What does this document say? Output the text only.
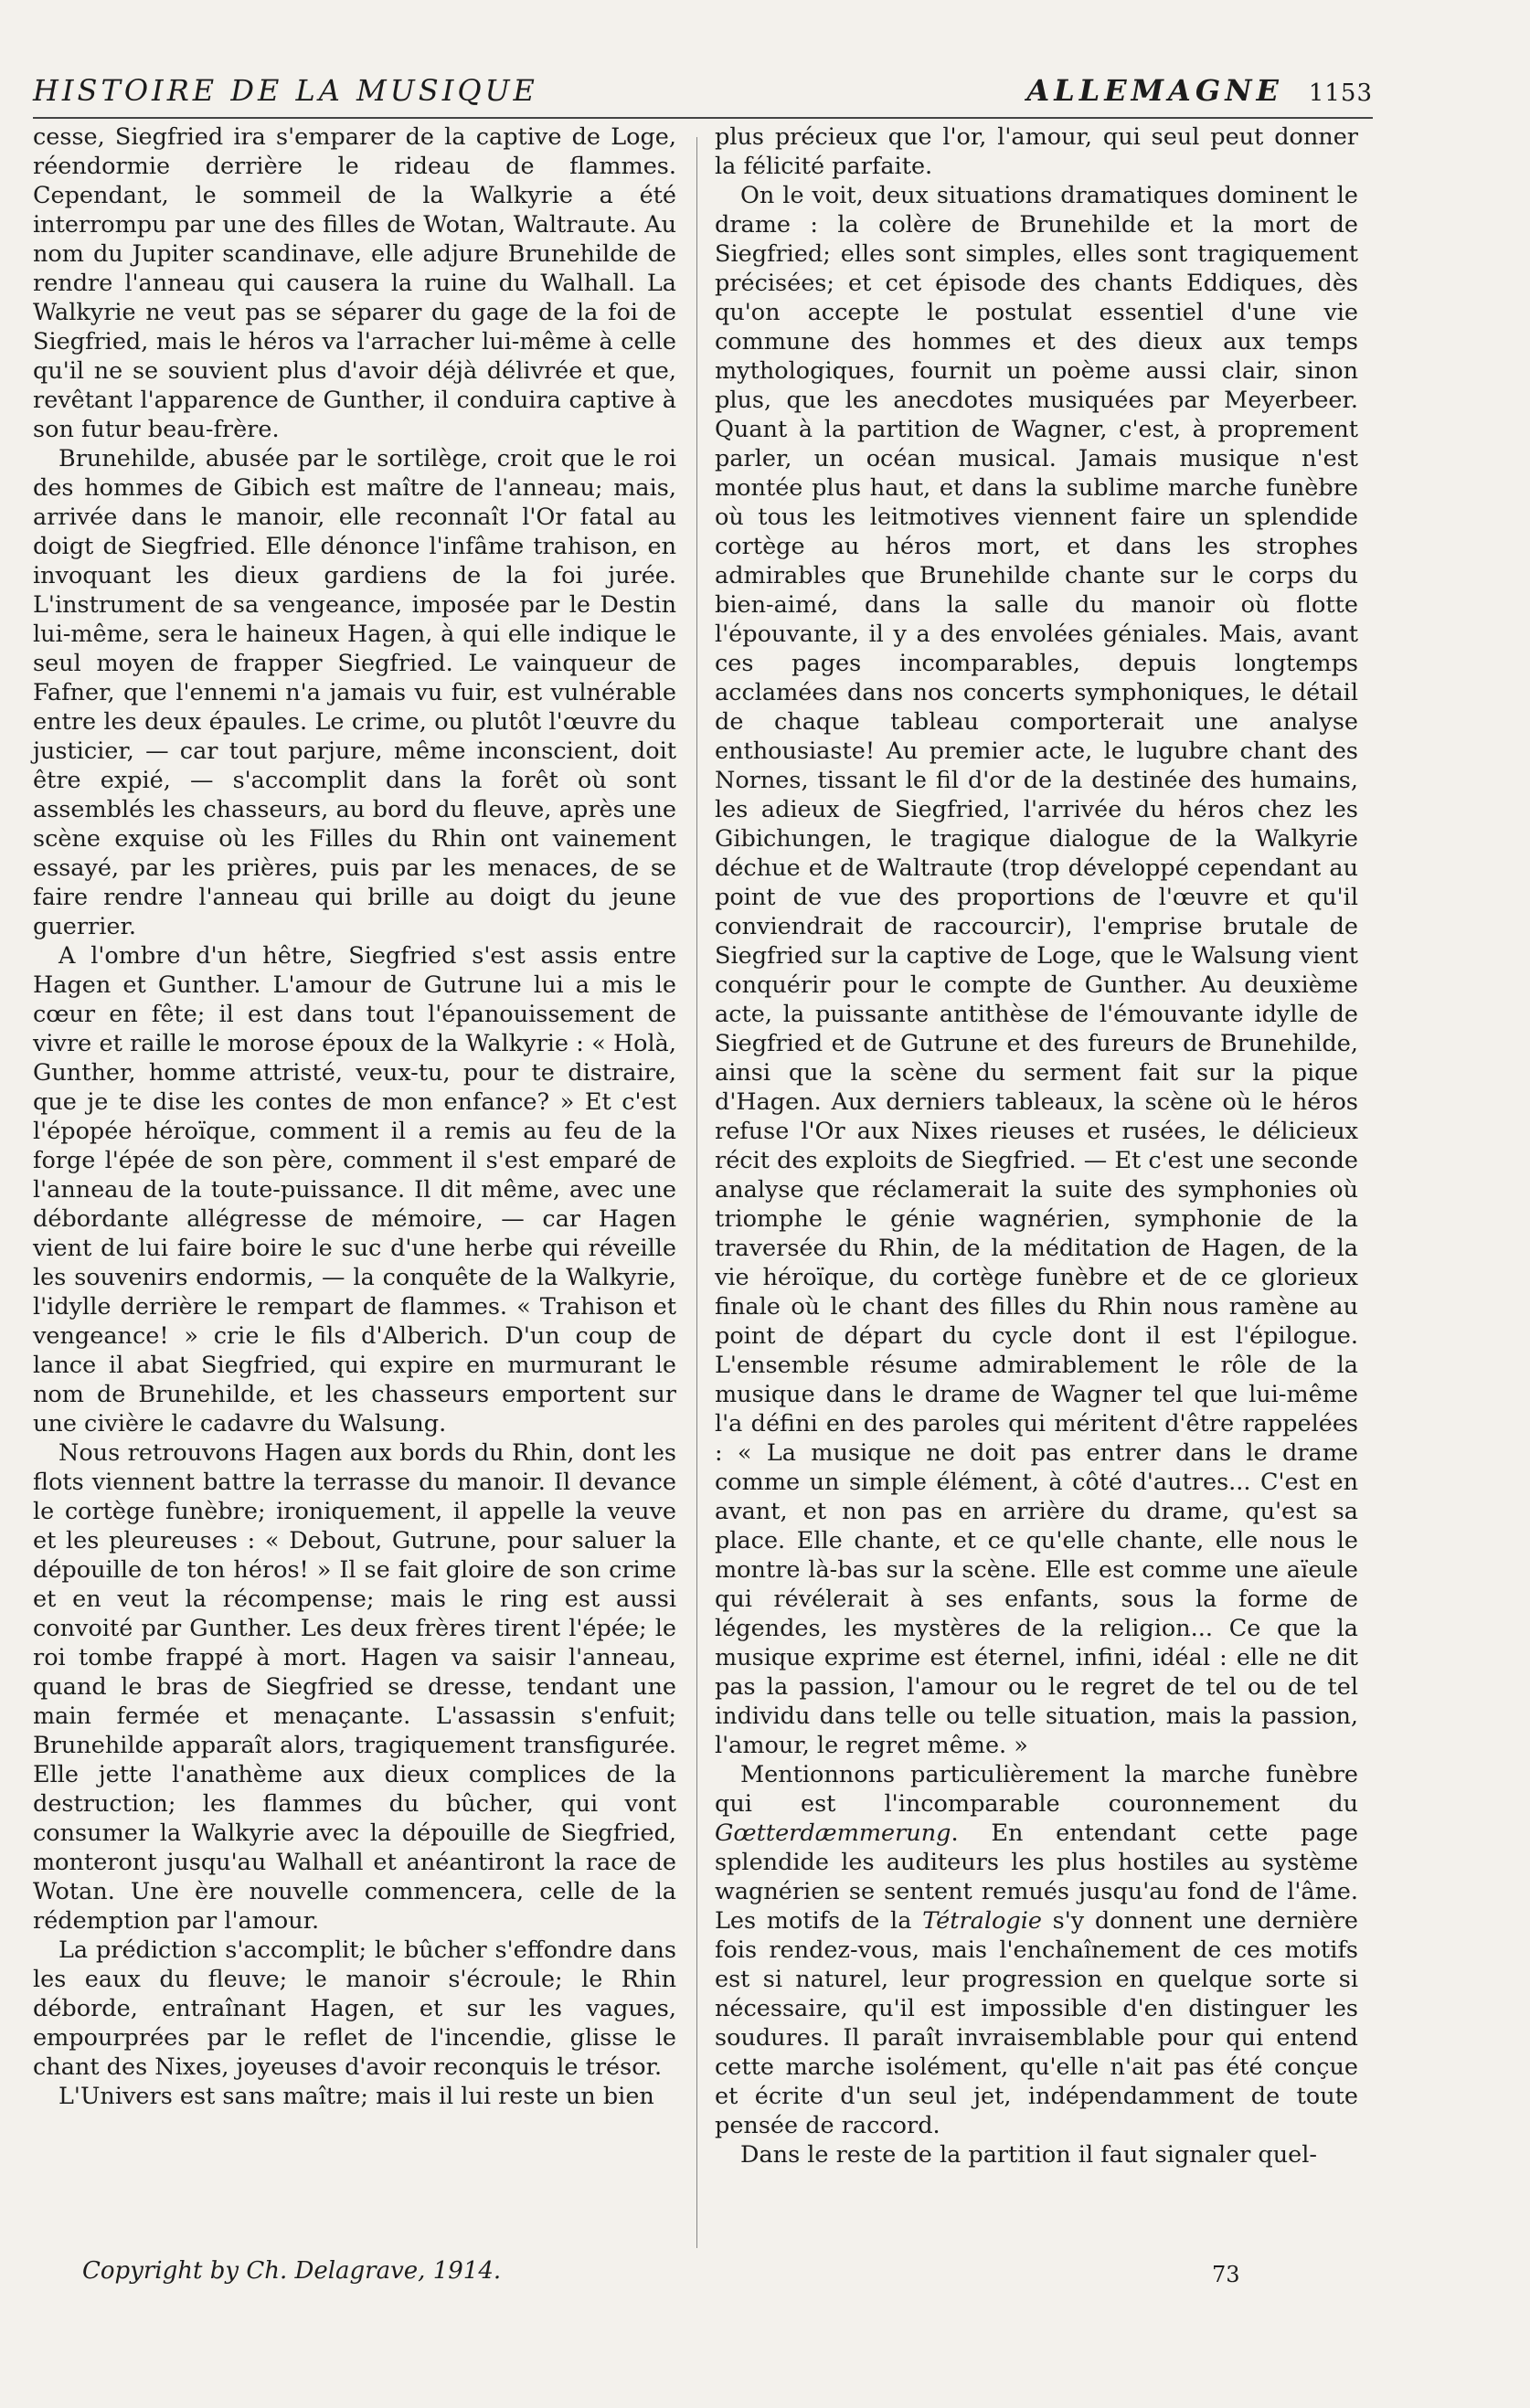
HISTOIRE DE LA MUSIQUE	ALLEMAGNE 1153

cesse, Siegfried ira s'emparer de la captive de Loge, réendormie derrière le rideau de flammes. Cependant, le sommeil de la Walkyrie a été interrompu par une des filles de Wotan, Waltraute. Au nom du Jupiter scandinave, elle adjure Brunehilde de rendre l'anneau qui causera la ruine du Walhall. La Walkyrie ne veut pas se séparer du gage de la foi de Siegfried, mais le héros va l'arracher lui-même à celle qu'il ne se souvient plus d'avoir déjà délivrée et que, revêtant l'apparence de Gunther, il conduira captive à son futur beau-frère.

Brunehilde, abusée par le sortilège, croit que le roi des hommes de Gibich est maître de l'anneau; mais, arrivée dans le manoir, elle reconnaît l'Or fatal au doigt de Siegfried. Elle dénonce l'infâme trahison, en invoquant les dieux gardiens de la foi jurée. L'instrument de sa vengeance, imposée par le Destin lui-même, sera le haineux Hagen, à qui elle indique le seul moyen de frapper Siegfried. Le vainqueur de Fafner, que l'ennemi n'a jamais vu fuir, est vulnérable entre les deux épaules. Le crime, ou plutôt l'œuvre du justicier, — car tout parjure, même inconscient, doit être expié, — s'accomplit dans la forêt où sont assemblés les chasseurs, au bord du fleuve, après une scène exquise où les Filles du Rhin ont vainement essayé, par les prières, puis par les menaces, de se faire rendre l'anneau qui brille au doigt du jeune guerrier.

A l'ombre d'un hêtre, Siegfried s'est assis entre Hagen et Gunther. L'amour de Gutrune lui a mis le cœur en fête; il est dans tout l'épanouissement de vivre et raille le morose époux de la Walkyrie : « Holà, Gunther, homme attristé, veux-tu, pour te distraire, que je te dise les contes de mon enfance? » Et c'est l'épopée héroïque, comment il a remis au feu de la forge l'épée de son père, comment il s'est emparé de l'anneau de la toute-puissance. Il dit même, avec une débordante allégresse de mémoire, — car Hagen vient de lui faire boire le suc d'une herbe qui réveille les souvenirs endormis, — la conquête de la Walkyrie, l'idylle derrière le rempart de flammes. « Trahison et vengeance! » crie le fils d'Alberich. D'un coup de lance il abat Siegfried, qui expire en murmurant le nom de Brunehilde, et les chasseurs emportent sur une civière le cadavre du Walsung.

Nous retrouvons Hagen aux bords du Rhin, dont les flots viennent battre la terrasse du manoir. Il devance le cortège funèbre; ironiquement, il appelle la veuve et les pleureuses : « Debout, Gutrune, pour saluer la dépouille de ton héros! » Il se fait gloire de son crime et en veut la récompense; mais le ring est aussi convoité par Gunther. Les deux frères tirent l'épée; le roi tombe frappé à mort. Hagen va saisir l'anneau, quand le bras de Siegfried se dresse, tendant une main fermée et menaçante. L'assassin s'enfuit; Brunehilde apparaît alors, tragiquement transfigurée. Elle jette l'anathème aux dieux complices de la destruction; les flammes du bûcher, qui vont consumer la Walkyrie avec la dépouille de Siegfried, monteront jusqu'au Walhall et anéantiront la race de Wotan. Une ère nouvelle commencera, celle de la rédemption par l'amour.

La prédiction s'accomplit; le bûcher s'effondre dans les eaux du fleuve; le manoir s'écroule; le Rhin déborde, entraînant Hagen, et sur les vagues, empourprées par le reflet de l'incendie, glisse le chant des Nixes, joyeuses d'avoir reconquis le trésor.

L'Univers est sans maître; mais il lui reste un bien

plus précieux que l'or, l'amour, qui seul peut donner la félicité parfaite.

On le voit, deux situations dramatiques dominent le drame : la colère de Brunehilde et la mort de Siegfried; elles sont simples, elles sont tragiquement précisées; et cet épisode des chants Eddiques, dès qu'on accepte le postulat essentiel d'une vie commune des hommes et des dieux aux temps mythologiques, fournit un poème aussi clair, sinon plus, que les anecdotes musiquées par Meyerbeer. Quant à la partition de Wagner, c'est, à proprement parler, un océan musical. Jamais musique n'est montée plus haut, et dans la sublime marche funèbre où tous les leitmotives viennent faire un splendide cortège au héros mort, et dans les strophes admirables que Brunehilde chante sur le corps du bien-aimé, dans la salle du manoir où flotte l'épouvante, il y a des envolées géniales. Mais, avant ces pages incomparables, depuis longtemps acclamées dans nos concerts symphoniques, le détail de chaque tableau comporterait une analyse enthousiaste! Au premier acte, le lugubre chant des Nornes, tissant le fil d'or de la destinée des humains, les adieux de Siegfried, l'arrivée du héros chez les Gibichungen, le tragique dialogue de la Walkyrie déchue et de Waltraute (trop développé cependant au point de vue des proportions de l'œuvre et qu'il conviendrait de raccourcir), l'emprise brutale de Siegfried sur la captive de Loge, que le Walsung vient conquérir pour le compte de Gunther. Au deuxième acte, la puissante antithèse de l'émouvante idylle de Siegfried et de Gutrune et des fureurs de Brunehilde, ainsi que la scène du serment fait sur la pique d'Hagen. Aux derniers tableaux, la scène où le héros refuse l'Or aux Nixes rieuses et rusées, le délicieux récit des exploits de Siegfried. — Et c'est une seconde analyse que réclamerait la suite des symphonies où triomphe le génie wagnérien, symphonie de la traversée du Rhin, de la méditation de Hagen, de la vie héroïque, du cortège funèbre et de ce glorieux finale où le chant des filles du Rhin nous ramène au point de départ du cycle dont il est l'épilogue. L'ensemble résume admirablement le rôle de la musique dans le drame de Wagner tel que lui-même l'a défini en des paroles qui méritent d'être rappelées : « La musique ne doit pas entrer dans le drame comme un simple élément, à côté d'autres... C'est en avant, et non pas en arrière du drame, qu'est sa place. Elle chante, et ce qu'elle chante, elle nous le montre là-bas sur la scène. Elle est comme une aïeule qui révélerait à ses enfants, sous la forme de légendes, les mystères de la religion... Ce que la musique exprime est éternel, infini, idéal : elle ne dit pas la passion, l'amour ou le regret de tel ou de tel individu dans telle ou telle situation, mais la passion, l'amour, le regret même. »

Mentionnons particulièrement la marche funèbre qui est l'incomparable couronnement du Gœtterdæmmerung. En entendant cette page splendide les auditeurs les plus hostiles au système wagnérien se sentent remués jusqu'au fond de l'âme. Les motifs de la Tétralogie s'y donnent une dernière fois rendez-vous, mais l'enchaînement de ces motifs est si naturel, leur progression en quelque sorte si nécessaire, qu'il est impossible d'en distinguer les soudures. Il paraît invraisemblable pour qui entend cette marche isolément, qu'elle n'ait pas été conçue et écrite d'un seul jet, indépendamment de toute pensée de raccord.

Dans le reste de la partition il faut signaler quel-

Copyright by Ch. Delagrave, 1914.	73
